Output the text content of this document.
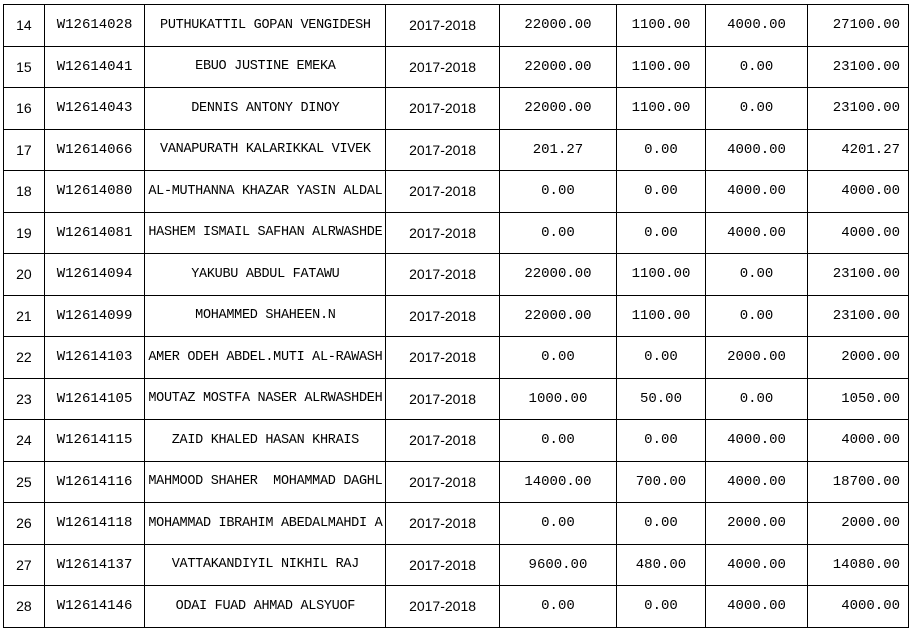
14	W12614028	PUTHUKATTIL GOPAN VENGIDESH	2017-2018	22000.00	1100.00	4000.00	27100.00
15	W12614041	EBUO JUSTINE EMEKA	2017-2018	22000.00	1100.00	0.00	23100.00
16	W12614043	DENNIS ANTONY DINOY	2017-2018	22000.00	1100.00	0.00	23100.00
17	W12614066	VANAPURATH KALARIKKAL VIVEK	2017-2018	201.27	0.00	4000.00	4201.27
18	W12614080	AL-MUTHANNA KHAZAR YASIN ALDAL	2017-2018	0.00	0.00	4000.00	4000.00
19	W12614081	HASHEM ISMAIL SAFHAN ALRWASHDE	2017-2018	0.00	0.00	4000.00	4000.00
20	W12614094	YAKUBU ABDUL FATAWU	2017-2018	22000.00	1100.00	0.00	23100.00
21	W12614099	MOHAMMED SHAHEEN.N	2017-2018	22000.00	1100.00	0.00	23100.00
22	W12614103	AMER ODEH ABDEL.MUTI AL-RAWASH	2017-2018	0.00	0.00	2000.00	2000.00
23	W12614105	MOUTAZ MOSTFA NASER ALRWASHDEH	2017-2018	1000.00	50.00	0.00	1050.00
24	W12614115	ZAID KHALED HASAN KHRAIS	2017-2018	0.00	0.00	4000.00	4000.00
25	W12614116	MAHMOOD SHAHER  MOHAMMAD DAGHL	2017-2018	14000.00	700.00	4000.00	18700.00
26	W12614118	MOHAMMAD IBRAHIM ABEDALMAHDI A	2017-2018	0.00	0.00	2000.00	2000.00
27	W12614137	VATTAKANDIYIL NIKHIL RAJ	2017-2018	9600.00	480.00	4000.00	14080.00
28	W12614146	ODAI FUAD AHMAD ALSYUOF	2017-2018	0.00	0.00	4000.00	4000.00
